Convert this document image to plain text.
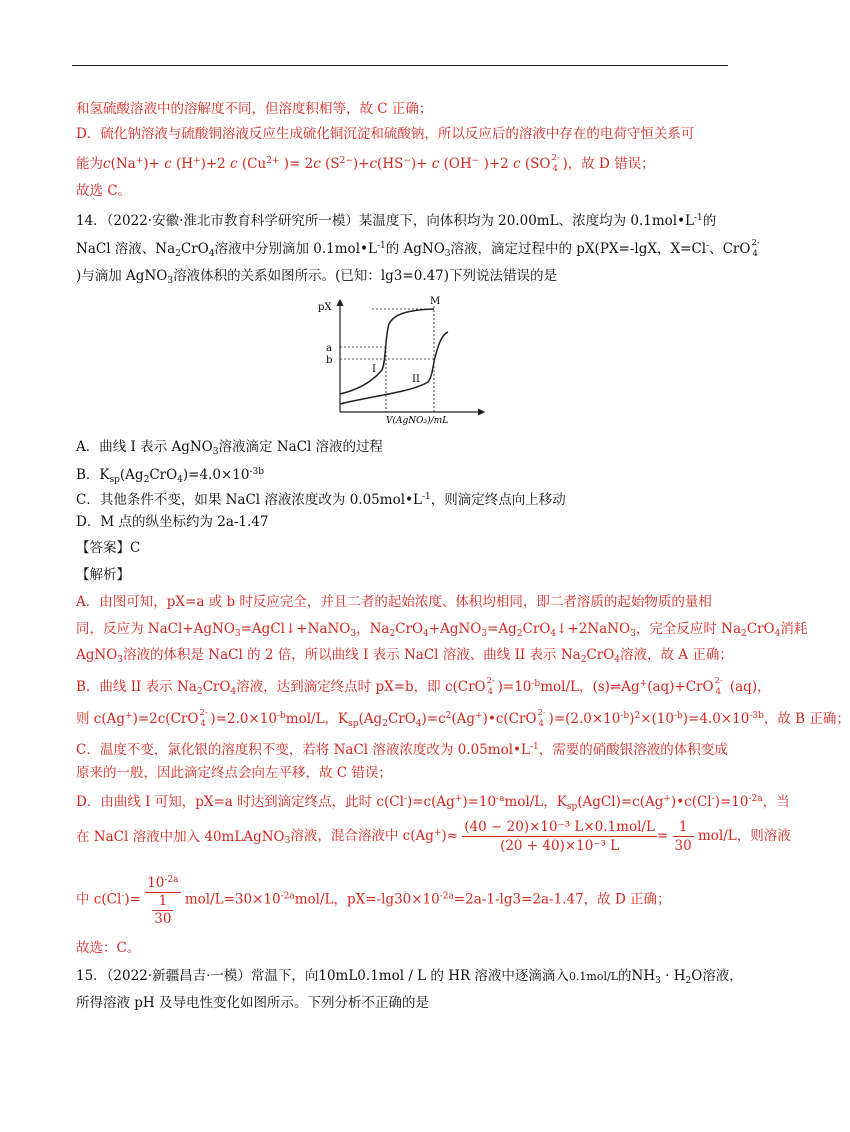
和氢硫酸溶液中的溶解度不同，但溶度积相等，故 C 正确；
D．硫化钠溶液与硫酸铜溶液反应生成硫化铜沉淀和硫酸钠，所以反应后的溶液中存在的电荷守恒关系可
能为c(Na+)+ c (H+)+2 c ($Cu^{2+}$ )= 2c $(S^{2-})+c(HS^-)+ c$ (OH− )+2 c (SO 2-
4 )，故 D 错误；
故选 C。
14．（2022·安徽·淮北市教育科学研究所一模）某温度下，向体积均为 20.00mL、浓度均为 $0.1mol•L^{-1}$的
NaCl 溶液、$Na_2CrO_4$溶液中分别滴加 $0.1mol•L^{-1}$的 AgNO$_3$溶液，滴定过程中的 pX(PX=-lgX，X=Cl-、CrO 2-
4
)与滴加 AgNO$_3$溶液体积的关系如图所示。(已知：lg3=0.47)下列说法错误的是
pX
a
b
M
I
II
V(AgNO₃)/mL
A．曲线 I 表示 AgNO$_3$溶液滴定 NaCl 溶液的过程
B．$K_{sp}(Ag_2CrO_4)=4.0\times 10^{-3b}$
C．其他条件不变，如果 NaCl 溶液浓度改为 $0.05mol•L^{-1}$，则滴定终点向上移动
D．M 点的纵坐标约为 2a-1.47
【答案】C
【解析】
A．由图可知，pX=a 或 b 时反应完全，并且二者的起始浓度、体积均相同，即二者溶质的起始物质的量相
同，反应为 NaCl+AgNO$_3$=AgCl↓+NaNO$_3$，$Na_2CrO_4+AgNO_3=Ag_2CrO_4↓+2NaNO_3$，完全反应时 $Na_2CrO_4$消耗
AgNO$_3$溶液的体积是 NaCl 的 2 倍，所以曲线 I 表示 NaCl 溶液、曲线 II 表示 $Na_2CrO_4$溶液，故 A 正确；
B．曲线 II 表示 $Na_2CrO_4$溶液，达到滴定终点时 pX=b，即 c(CrO 2-
4 )$=10^{-b}mol/L$，(s)⇌Ag+(aq)+CrO 2-
4 (aq)，
则 c(Ag+)=2c(CrO 2-
4 )$=2.0\times 10^{-b}mol/L$，$K_{sp}(Ag_2CrO_4)=c^2(Ag^+)•c(CrO$ 2-
4 )$=(2.0\times 10^{-b})^2\times(10^{-b})=4.0\times 10^{-3b}$，故 B 正确；
C．温度不变，氯化银的溶度积不变，若将 NaCl 溶液浓度改为 $0.05mol•L^{-1}$，需要的硝酸银溶液的体积变成
原来的一般，因此滴定终点会向左平移，故 C 错误；
D．由曲线 I 可知，pX=a 时达到滴定终点，此时 $c(Cl^-)=c(Ag^+)=10^{-a}mol/L$，$K_{sp}(AgCl)=c(Ag^+)•c(Cl^-)=10^{-2a}$，当
在 NaCl 溶液中加入 40mLAgNO$_3$溶液，混合溶液中 $c(Ag^+)\approx \frac{\text{(40 − 20)×10⁻³ L×0.1mol/L}}{\text{(20 + 40)×10⁻³ L}} = \frac{1}{30} mol/L$，则溶液
中 $c(Cl^-)= \frac{10^{-2a}}{\frac{1}{30}} mol/L=30\times 10^{-2a}mol/L$，$pX=-\lg 30\times 10^{-2a}=2a-1-\lg 3=2a-1.47$，故 D 正确；
故选：C。
15．（2022·新疆昌吉·一模）常温下，向10mL0.1mol / L 的 HR 溶液中逐滴滴入0.1mol/L的$NH_3 \cdot H_2O$溶液，
所得溶液 pH 及导电性变化如图所示。下列分析不正确的是
